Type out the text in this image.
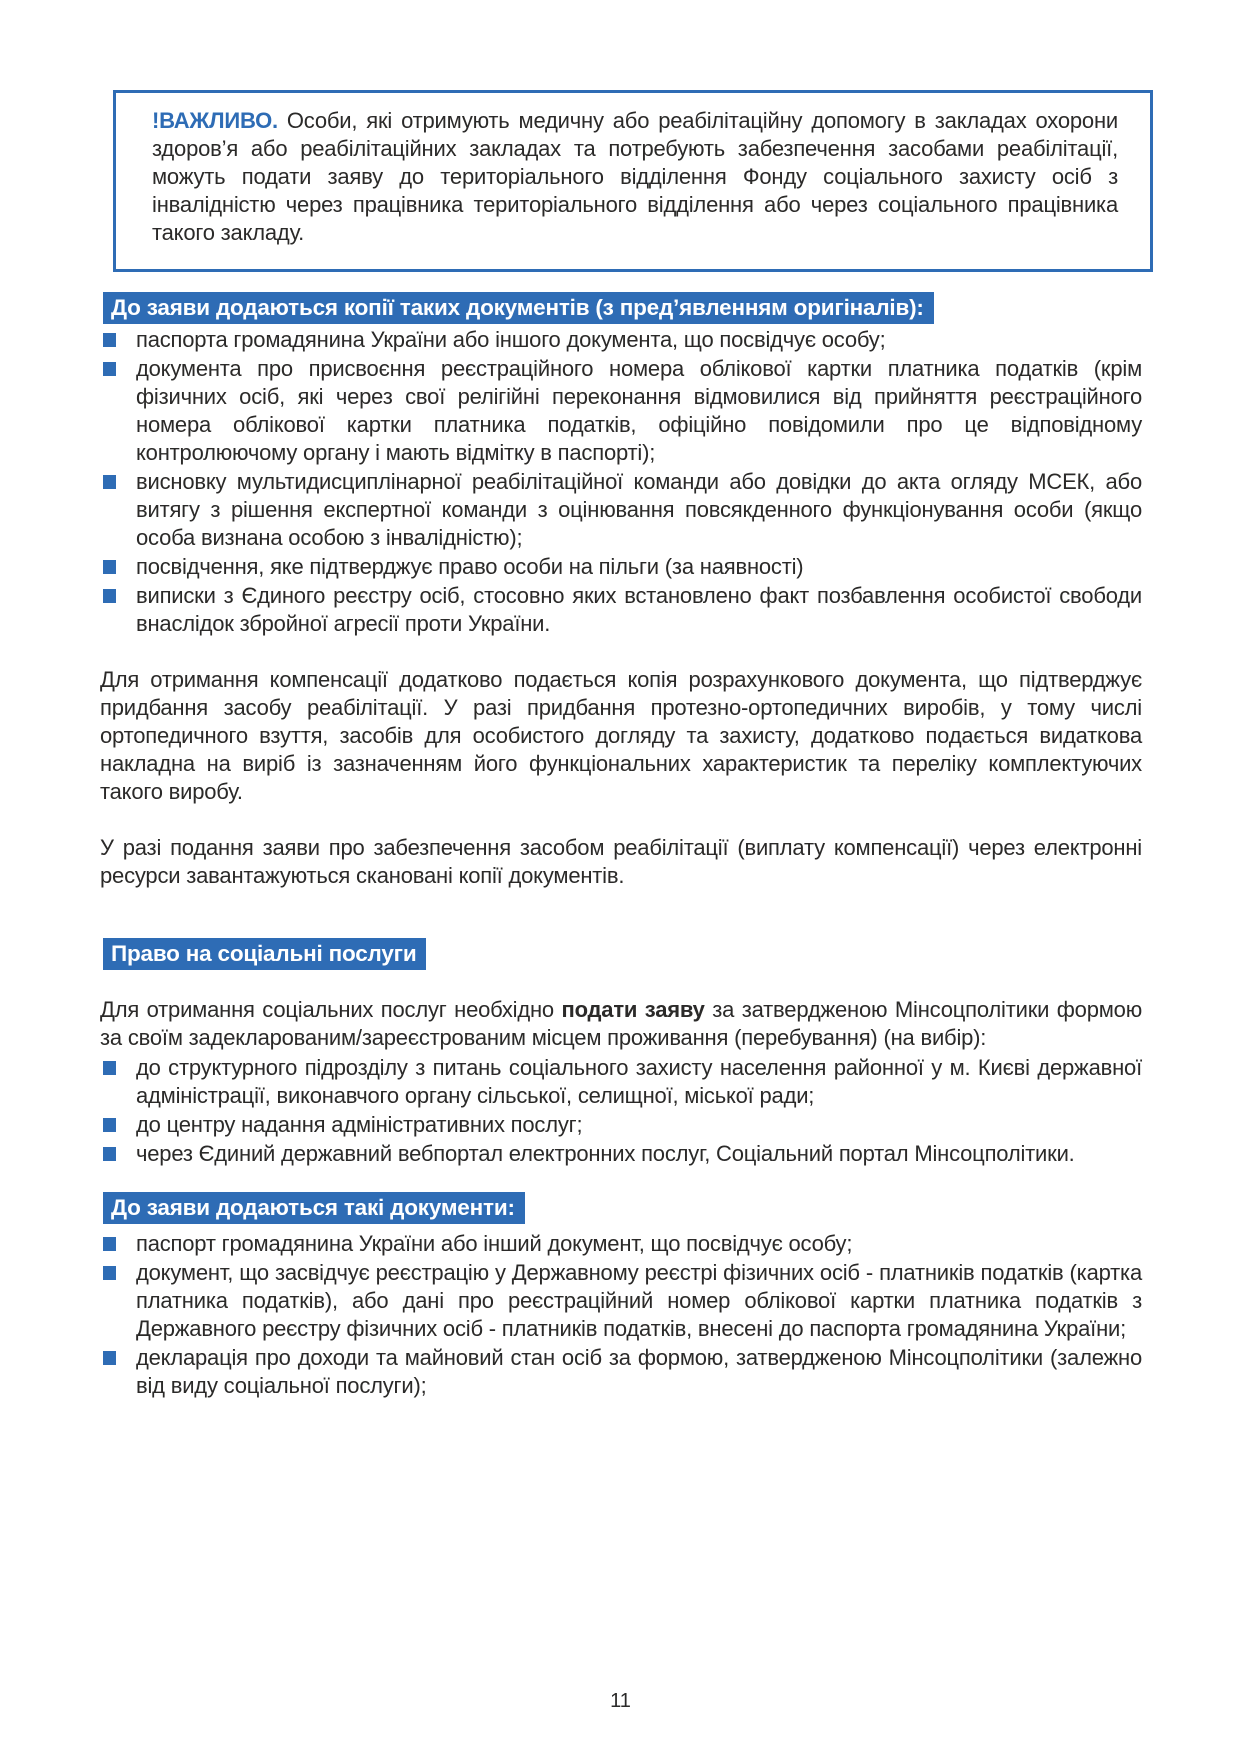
!ВАЖЛИВО. Особи, які отримують медичну або реабілітаційну допомогу в закладах охорони здоров’я або реабілітаційних закладах та потребують забезпечення засобами реабілітації, можуть подати заяву до територіального відділення Фонду соціального захисту осіб з інвалідністю через працівника територіального відділення або через соціального працівника такого закладу.
До заяви додаються копії таких документів (з пред’явленням оригіналів):
паспорта громадянина України або іншого документа, що посвідчує особу;
документа про присвоєння реєстраційного номера облікової картки платника податків (крім фізичних осіб, які через свої релігійні переконання відмовилися від прийняття реєстраційного номера облікової картки платника податків, офіційно повідомили про це відповідному контролюючому органу і мають відмітку в паспорті);
висновку мультидисциплінарної реабілітаційної команди або довідки до акта огляду МСЕК, або витягу з рішення експертної команди з оцінювання повсякденного функціонування особи (якщо особа визнана особою з інвалідністю);
посвідчення, яке підтверджує право особи на пільги (за наявності)
виписки з Єдиного реєстру осіб, стосовно яких встановлено факт позбавлення особистої свободи внаслідок збройної агресії проти України.

Для отримання компенсації додатково подається копія розрахункового документа, що підтверджує придбання засобу реабілітації. У разі придбання протезно-ортопедичних виробів, у тому числі ортопедичного взуття, засобів для особистого догляду та захисту, додатково подається видаткова накладна на виріб із зазначенням його функціональних характеристик та переліку комплектуючих такого виробу.

У разі подання заяви про забезпечення засобом реабілітації (виплату компенсації) через електронні ресурси завантажуються скановані копії документів.

Право на соціальні послуги

Для отримання соціальних послуг необхідно подати заяву за затвердженою Мінсоцполітики формою за своїм задекларованим/зареєстрованим місцем проживання (перебування) (на вибір):

до структурного підрозділу з питань соціального захисту населення районної у м. Києві державної адміністрації, виконавчого органу сільської, селищної, міської ради;
до центру надання адміністративних послуг;
через Єдиний державний вебпортал електронних послуг, Соціальний портал Мінсоцполітики.
До заяви додаються такі документи:
паспорт громадянина України або інший документ, що посвідчує особу;
документ, що засвідчує реєстрацію у Державному реєстрі фізичних осіб - платників податків (картка платника податків), або дані про реєстраційний номер облікової картки платника податків з Державного реєстру фізичних осіб - платників податків, внесені до паспорта громадянина України;
декларація про доходи та майновий стан осіб за формою, затвердженою Мінсоцполітики (залежно від виду соціальної послуги);
11
